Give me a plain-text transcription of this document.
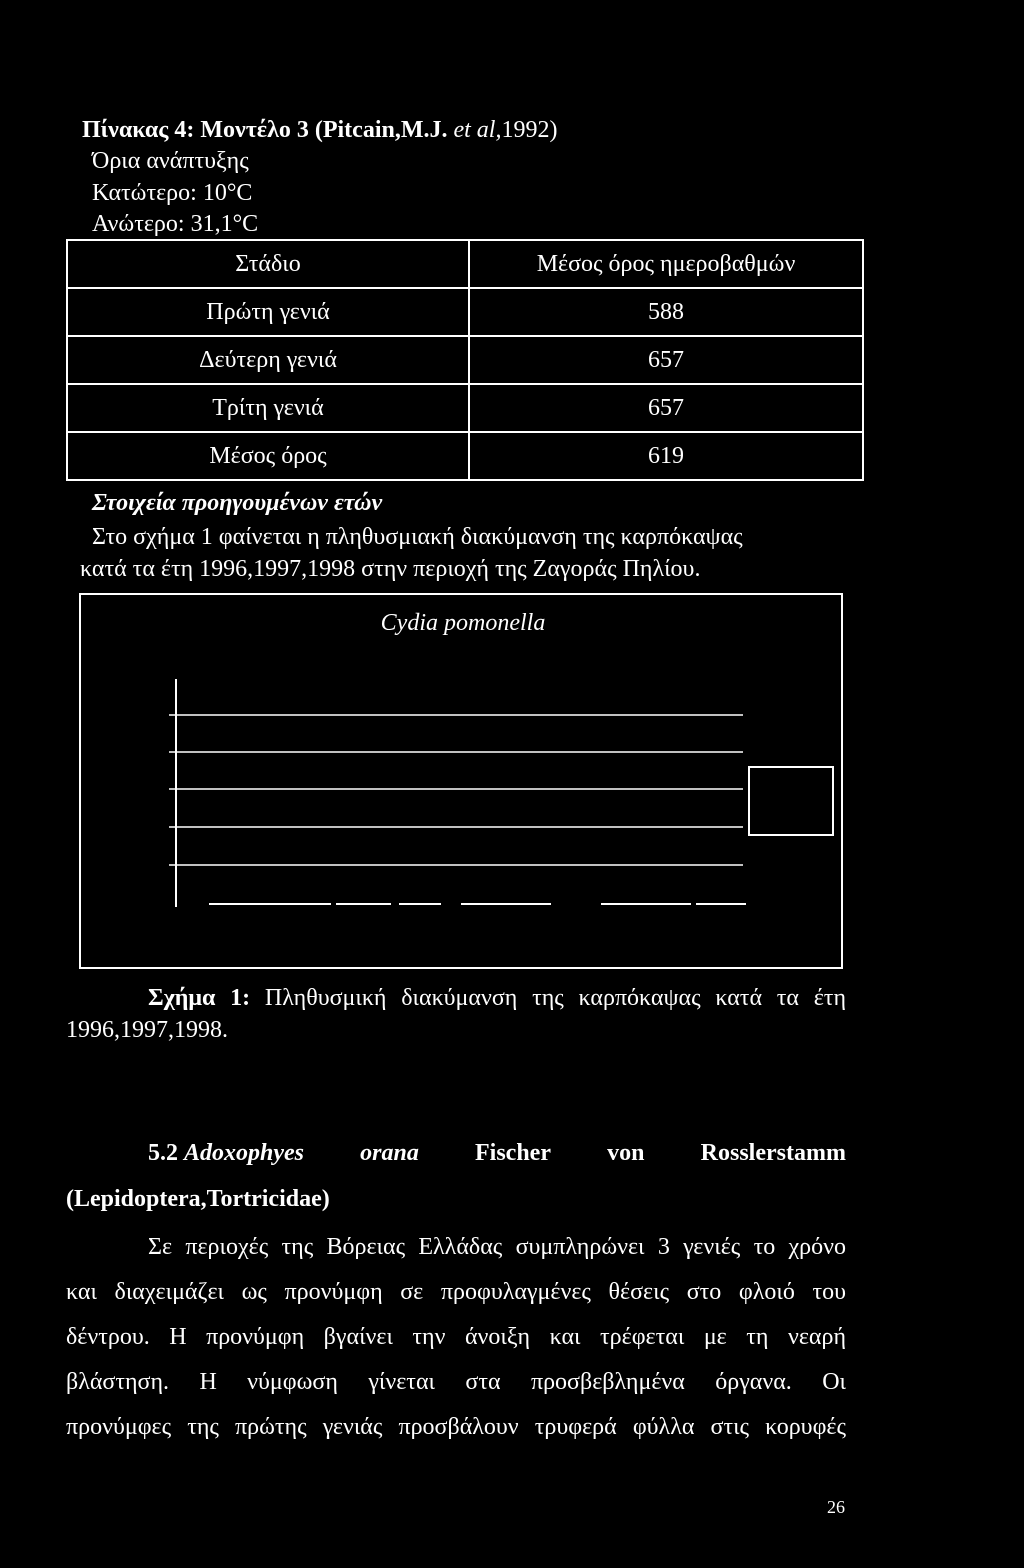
Πίνακας 4: Μοντέλο 3 (Pitcain,M.J. et al,1992)
Όρια ανάπτυξης
Κατώτερο: 10°C
Ανώτερο: 31,1°C
Στάδιο	Μέσος όρος ημεροβαθμών
Πρώτη γενιά	588
Δεύτερη γενιά	657
Τρίτη γενιά	657
Μέσος όρος	619
Στοιχεία προηγουμένων ετών
Στο σχήμα 1 φαίνεται η πληθυσμιακή διακύμανση της καρπόκαψας
κατά τα έτη 1996,1997,1998 στην περιοχή της Ζαγοράς Πηλίου.
Cydia pomonella
Σχήμα 1: Πληθυσμική διακύμανση της καρπόκαψας κατά τα έτη
1996,1997,1998.
5.2 Adoxophyes orana Fischer von Rosslerstamm
(Lepidoptera,Tortricidae)
Σε περιοχές της Βόρειας Ελλάδας συμπληρώνει 3 γενιές το χρόνο
και διαχειμάζει ως προνύμφη σε προφυλαγμένες θέσεις στο φλοιό του
δέντρου. Η προνύμφη βγαίνει την άνοιξη και τρέφεται με τη νεαρή
βλάστηση. Η νύμφωση γίνεται στα προσβεβλημένα όργανα. Οι
προνύμφες της πρώτης γενιάς προσβάλουν τρυφερά φύλλα στις κορυφές
26
